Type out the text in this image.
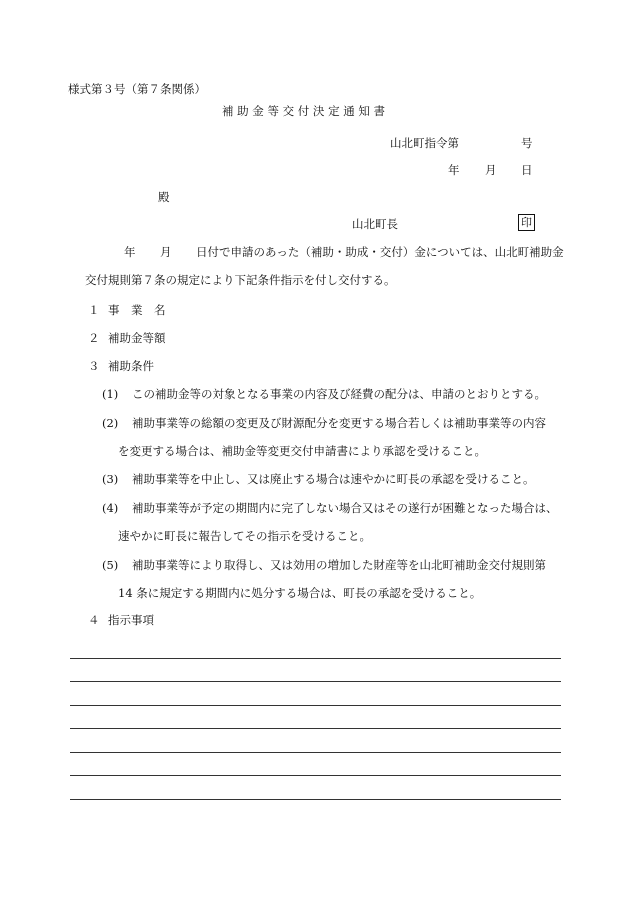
様式第３号（第７条関係）
補 助 金 等 交 付 決 定 通 知 書
山北町指令第	号
年 月 日
殿
山北町長	印
年 月 日付で申請のあった（補助・助成・交付）金については、山北町補助金
交付規則第７条の規定により下記条件指示を付し交付する。
１ 事　業　名
２ 補助金等額
３ 補助条件
(1) この補助金等の対象となる事業の内容及び経費の配分は、申請のとおりとする。
(2) 補助事業等の総額の変更及び財源配分を変更する場合若しくは補助事業等の内容
を変更する場合は、補助金等変更交付申請書により承認を受けること。
(3) 補助事業等を中止し、又は廃止する場合は速やかに町長の承認を受けること。
(4) 補助事業等が予定の期間内に完了しない場合又はその遂行が困難となった場合は、
速やかに町長に報告してその指示を受けること。
(5) 補助事業等により取得し、又は効用の増加した財産等を山北町補助金交付規則第
14 条に規定する期間内に処分する場合は、町長の承認を受けること。
４ 指示事項
